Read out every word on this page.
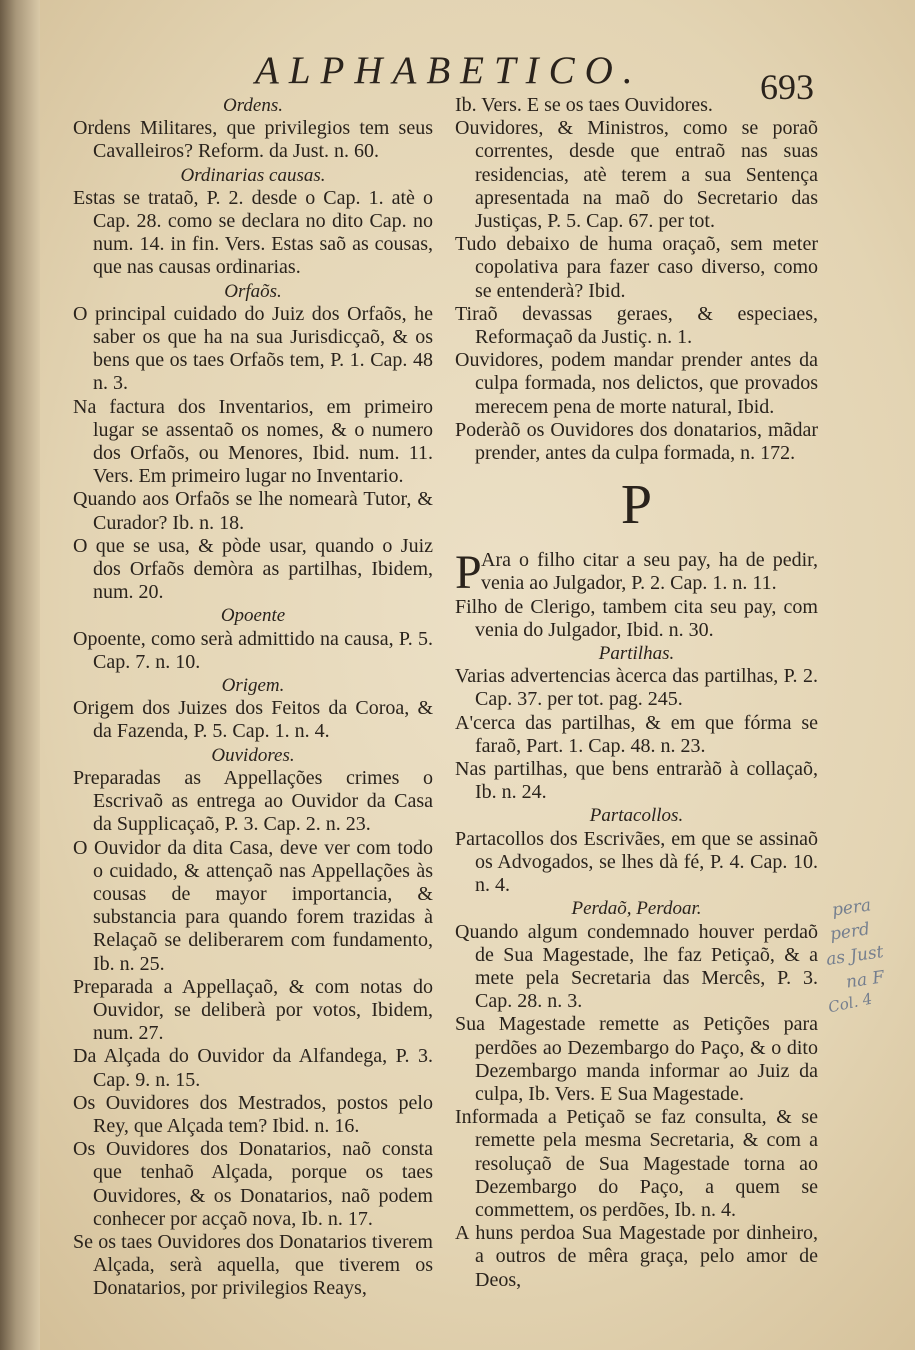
ALPHABETICO.	693
Ordens.
Ordens Militares, que privilegios tem seus Cavalleiros? Reform. da Just. n. 60.
Ordinarias causas.
Estas se trataõ, P. 2. desde o Cap. 1. atè o Cap. 28. como se declara no dito Cap. no num. 14. in fin. Vers. Estas saõ as cousas, que nas causas ordinarias.
Orfaõs.
O principal cuidado do Juiz dos Orfaõs, he saber os que ha na sua Jurisdicçaõ, & os bens que os taes Orfaõs tem, P. 1. Cap. 48 n. 3.
Na factura dos Inventarios, em primeiro lugar se assentaõ os nomes, & o numero dos Orfaõs, ou Menores, Ibid. num. 11. Vers. Em primeiro lugar no Inventario.
Quando aos Orfaõs se lhe nomearà Tutor, & Curador? Ib. n. 18.
O que se usa, & pòde usar, quando o Juiz dos Orfaõs demòra as partilhas, Ibidem, num. 20.
Opoente
Opoente, como serà admittido na causa, P. 5. Cap. 7. n. 10.
Origem.
Origem dos Juizes dos Feitos da Coroa, & da Fazenda, P. 5. Cap. 1. n. 4.
Ouvidores.
Preparadas as Appellações crimes o Escrivaõ as entrega ao Ouvidor da Casa da Supplicaçaõ, P. 3. Cap. 2. n. 23.
O Ouvidor da dita Casa, deve ver com todo o cuidado, & attençaõ nas Appellações às cousas de mayor importancia, & substancia para quando forem trazidas à Relaçaõ se deliberarem com fundamento, Ib. n. 25.
Preparada a Appellaçaõ, & com notas do Ouvidor, se deliberà por votos, Ibidem, num. 27.
Da Alçada do Ouvidor da Alfandega, P. 3. Cap. 9. n. 15.
Os Ouvidores dos Mestrados, postos pelo Rey, que Alçada tem? Ibid. n. 16.
Os Ouvidores dos Donatarios, naõ consta que tenhaõ Alçada, porque os taes Ouvidores, & os Donatarios, naõ podem conhecer por acçaõ nova, Ib. n. 17.
Se os taes Ouvidores dos Donatarios tiverem Alçada, serà aquella, que tiverem os Donatarios, por privilegios Reays,
Ib. Vers. E se os taes Ouvidores.
Ouvidores, & Ministros, como se poraõ correntes, desde que entraõ nas suas residencias, atè terem a sua Sentença apresentada na maõ do Secretario das Justiças, P. 5. Cap. 67. per tot.
Tudo debaixo de huma oraçaõ, sem meter copolativa para fazer caso diverso, como se entenderà? Ibid.
Tiraõ devassas geraes, & especiaes, Reformaçaõ da Justiç. n. 1.
Ouvidores, podem mandar prender antes da culpa formada, nos delictos, que provados merecem pena de morte natural, Ibid.
Poderàõ os Ouvidores dos donatarios, mãdar prender, antes da culpa formada, n. 172.
P
P Ara o filho citar a seu pay, ha de pedir, venia ao Julgador, P. 2. Cap. 1. n. 11.
Filho de Clerigo, tambem cita seu pay, com venia do Julgador, Ibid. n. 30.
Partilhas.
Varias advertencias àcerca das partilhas, P. 2. Cap. 37. per tot. pag. 245.
A'cerca das partilhas, & em que fórma se faraõ, Part. 1. Cap. 48. n. 23.
Nas partilhas, que bens entraràõ à collaçaõ, Ib. n. 24.
Partacollos.
Partacollos dos Escrivães, em que se assinaõ os Advogados, se lhes dà fé, P. 4. Cap. 10. n. 4.
Perdaõ, Perdoar.
Quando algum condemnado houver perdaõ de Sua Magestade, lhe faz Petiçaõ, & a mete pela Secretaria das Mercês, P. 3. Cap. 28. n. 3.
Sua Magestade remette as Petições para perdões ao Dezembargo do Paço, & o dito Dezembargo manda informar ao Juiz da culpa, Ib. Vers. E Sua Magestade.
Informada a Petiçaõ se faz consulta, & se remette pela mesma Secretaria, & com a resoluçaõ de Sua Magestade torna ao Dezembargo do Paço, a quem se commettem, os perdões, Ib. n. 4.
A huns perdoa Sua Magestade por dinheiro, a outros de mêra graça, pelo amor de Deos,
pera
perd
as Just
na F
Col. 4
